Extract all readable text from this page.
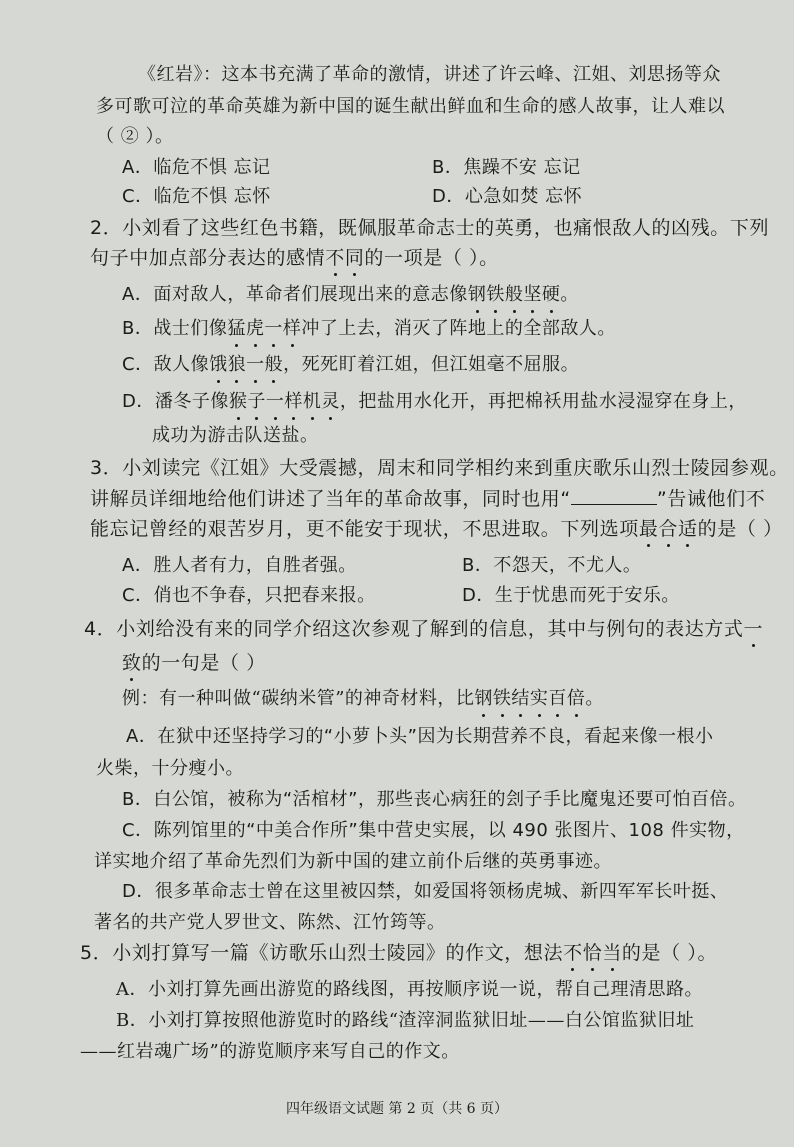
《红岩》：这本书充满了革命的激情，讲述了许云峰、江姐、刘思扬等众
多可歌可泣的革命英雄为新中国的诞生献出鲜血和生命的感人故事，让人难以
（ ② ）。
A．临危不惧 忘记	B．焦躁不安 忘记
C．临危不惧 忘怀	D．心急如焚 忘怀
2．小刘看了这些红色书籍，既佩服革命志士的英勇，也痛恨敌人的凶残。下列
句子中加点部分表达的感情不同的一项是（ ）。
A．面对敌人，革命者们展现出来的意志像钢铁般坚硬。
B．战士们像猛虎一样冲了上去，消灭了阵地上的全部敌人。
C．敌人像饿狼一般，死死盯着江姐，但江姐毫不屈服。
D．潘冬子像猴子一样机灵，把盐用水化开，再把棉袄用盐水浸湿穿在身上，
成功为游击队送盐。
3．小刘读完《江姐》大受震撼，周末和同学相约来到重庆歌乐山烈士陵园参观。
讲解员详细地给他们讲述了当年的革命故事，同时也用“	”告诫他们不
能忘记曾经的艰苦岁月，更不能安于现状，不思进取。下列选项最合适的是（ ）
A．胜人者有力，自胜者强。	B．不怨天，不尤人。
C．俏也不争春，只把春来报。	D．生于忧患而死于安乐。
4．小刘给没有来的同学介绍这次参观了解到的信息，其中与例句的表达方式一
致的一句是（ ）
例：有一种叫做“碳纳米管”的神奇材料，比钢铁结实百倍。
A．在狱中还坚持学习的“小萝卜头”因为长期营养不良，看起来像一根小
火柴，十分瘦小。
B．白公馆，被称为“活棺材”，那些丧心病狂的刽子手比魔鬼还要可怕百倍。
C．陈列馆里的“中美合作所”集中营史实展，以 490 张图片、108 件实物，
详实地介绍了革命先烈们为新中国的建立前仆后继的英勇事迹。
D．很多革命志士曾在这里被囚禁，如爱国将领杨虎城、新四军军长叶挺、
著名的共产党人罗世文、陈然、江竹筠等。
5．小刘打算写一篇《访歌乐山烈士陵园》的作文，想法不恰当的是（ ）。
A．小刘打算先画出游览的路线图，再按顺序说一说，帮自己理清思路。
B．小刘打算按照他游览时的路线“渣滓洞监狱旧址——白公馆监狱旧址
——红岩魂广场”的游览顺序来写自己的作文。
四年级语文试题 第 2 页（共 6 页）
